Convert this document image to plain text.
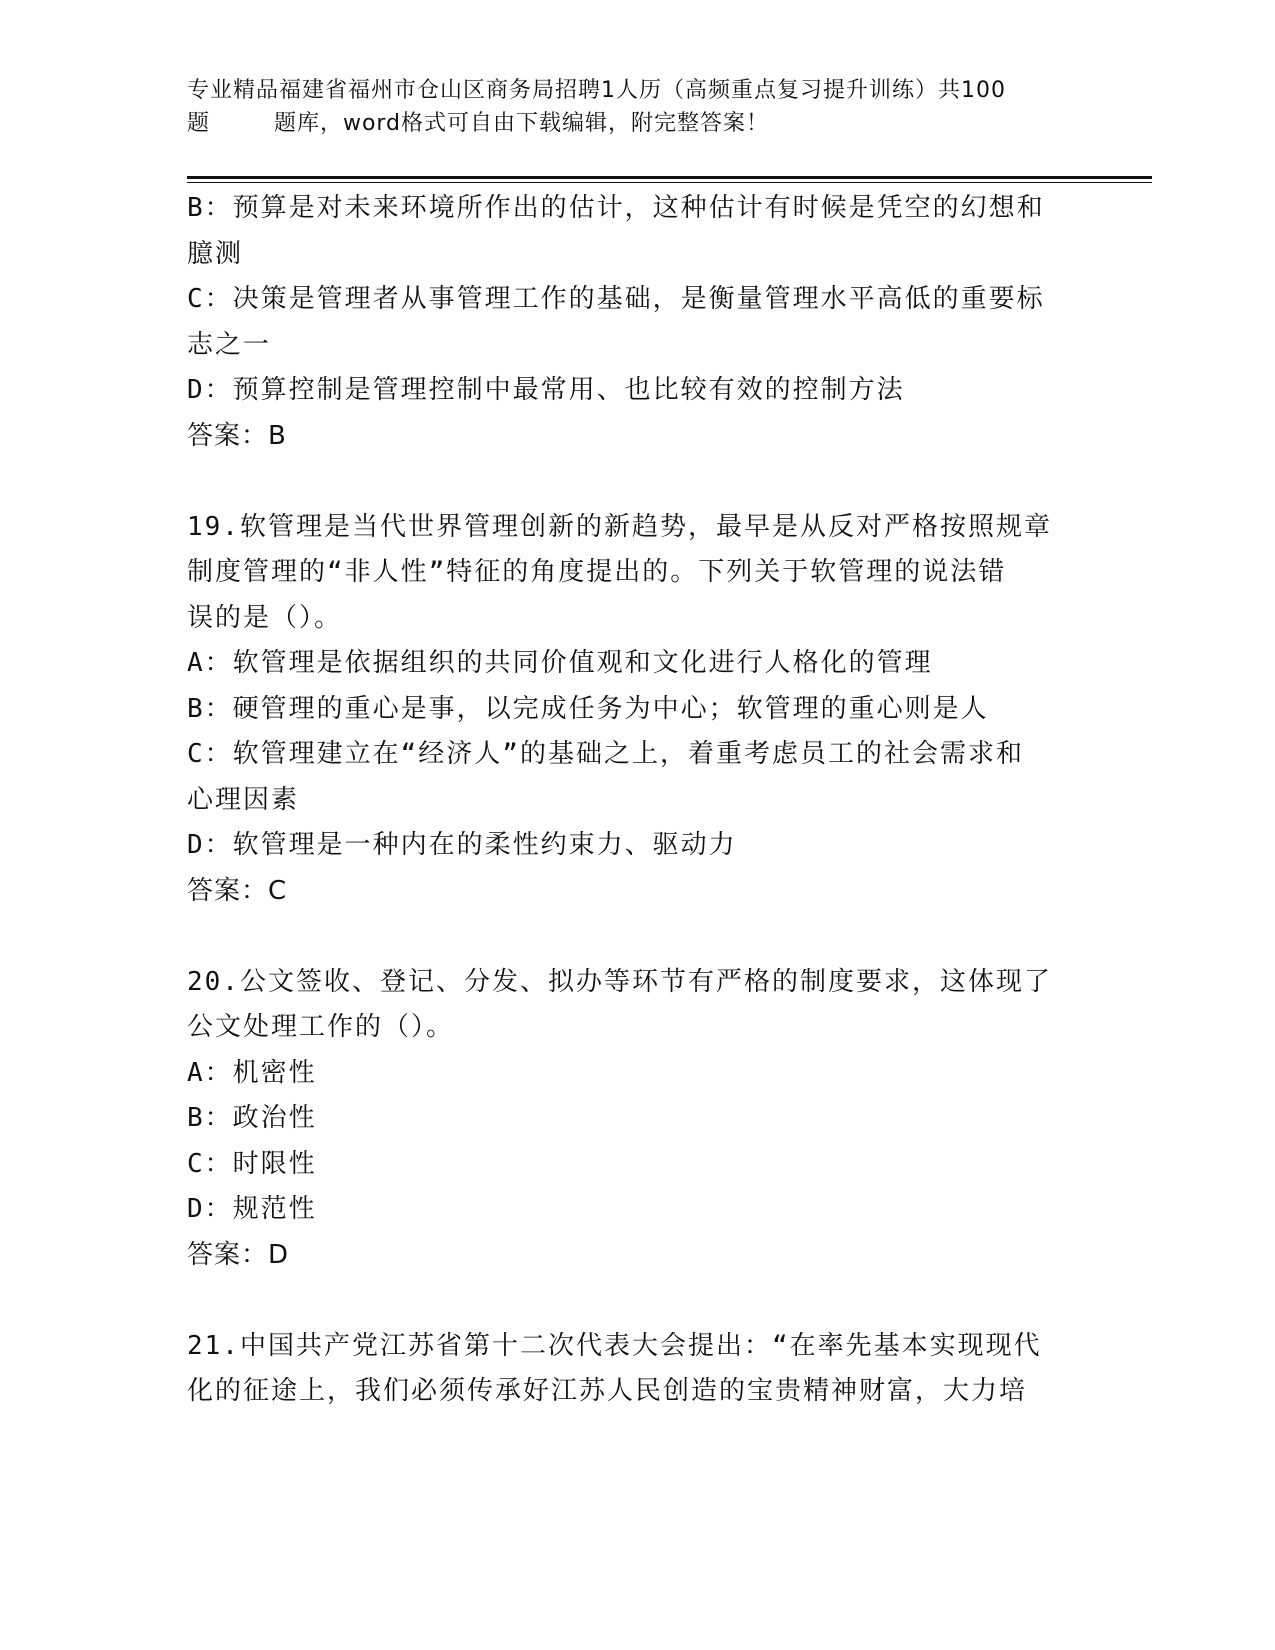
专业精品福建省福州市仓山区商务局招聘1人历（高频重点复习提升训练）共100
题        题库，word格式可自由下载编辑，附完整答案！
B：预算是对未来环境所作出的估计，这种估计有时候是凭空的幻想和
臆测
C：决策是管理者从事管理工作的基础，是衡量管理水平高低的重要标
志之一
D：预算控制是管理控制中最常用、也比较有效的控制方法
答案：B
19.软管理是当代世界管理创新的新趋势，最早是从反对严格按照规章
制度管理的“非人性”特征的角度提出的。下列关于软管理的说法错
误的是（）。
A：软管理是依据组织的共同价值观和文化进行人格化的管理
B：硬管理的重心是事，以完成任务为中心；软管理的重心则是人
C：软管理建立在“经济人”的基础之上，着重考虑员工的社会需求和
心理因素
D：软管理是一种内在的柔性约束力、驱动力
答案：C
20.公文签收、登记、分发、拟办等环节有严格的制度要求，这体现了
公文处理工作的（）。
A：机密性
B：政治性
C：时限性
D：规范性
答案：D
21.中国共产党江苏省第十二次代表大会提出：“在率先基本实现现代
化的征途上，我们必须传承好江苏人民创造的宝贵精神财富，大力培
